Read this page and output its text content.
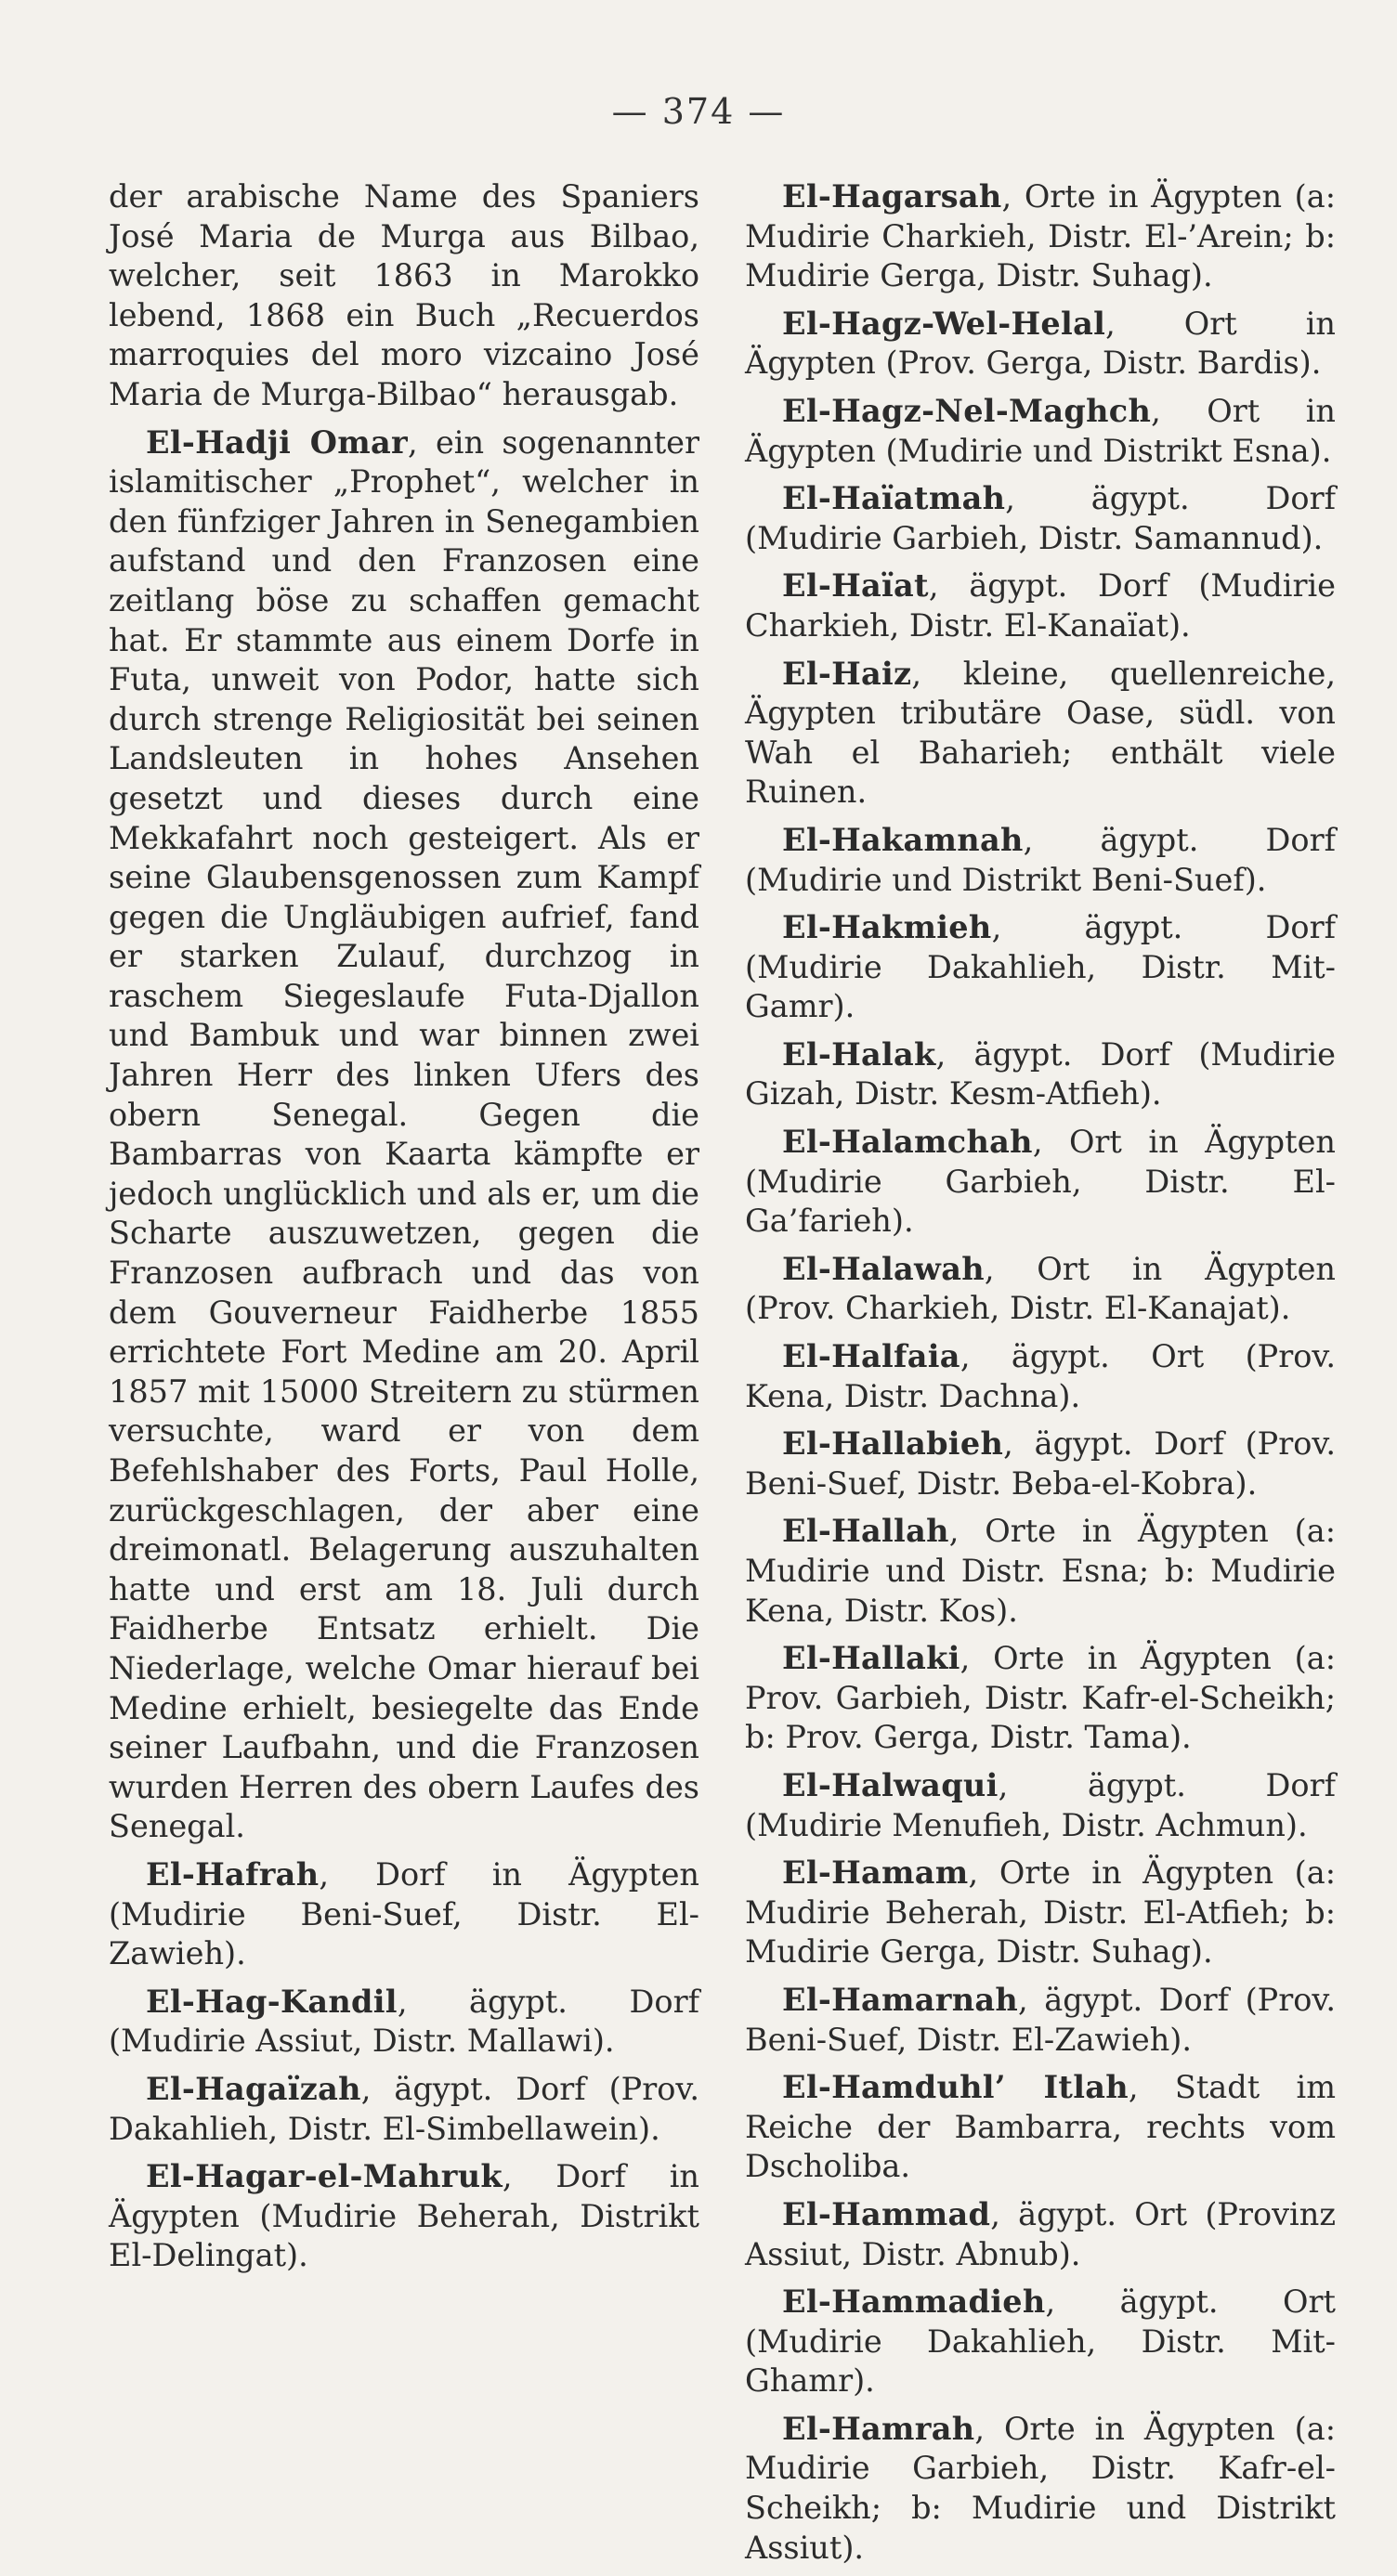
— 374 —

der arabische Name des Spaniers José Maria de Murga aus Bilbao, welcher, seit 1863 in Marokko lebend, 1868 ein Buch „Recuerdos marroquies del moro vizcaino José Maria de Murga-Bilbao“ herausgab.

El-Hadji Omar, ein sogenannter islamitischer „Prophet“, welcher in den fünfziger Jahren in Senegambien aufstand und den Franzosen eine zeitlang böse zu schaffen gemacht hat. Er stammte aus einem Dorfe in Futa, unweit von Podor, hatte sich durch strenge Religiosität bei seinen Landsleuten in hohes Ansehen gesetzt und dieses durch eine Mekkafahrt noch gesteigert. Als er seine Glaubensgenossen zum Kampf gegen die Ungläubigen aufrief, fand er starken Zulauf, durchzog in raschem Siegeslaufe Futa-Djallon und Bambuk und war binnen zwei Jahren Herr des linken Ufers des obern Senegal. Gegen die Bambarras von Kaarta kämpfte er jedoch unglücklich und als er, um die Scharte auszuwetzen, gegen die Franzosen aufbrach und das von dem Gouverneur Faidherbe 1855 errichtete Fort Medine am 20. April 1857 mit 15000 Streitern zu stürmen versuchte, ward er von dem Befehlshaber des Forts, Paul Holle, zurückgeschlagen, der aber eine dreimonatl. Belagerung auszuhalten hatte und erst am 18. Juli durch Faidherbe Entsatz erhielt. Die Niederlage, welche Omar hierauf bei Medine erhielt, besiegelte das Ende seiner Laufbahn, und die Franzosen wurden Herren des obern Laufes des Senegal.

El-Hafrah, Dorf in Ägypten (Mudirie Beni-Suef, Distr. El-Zawieh).

El-Hag-Kandil, ägypt. Dorf (Mudirie Assiut, Distr. Mallawi).

El-Hagaïzah, ägypt. Dorf (Prov. Dakahlieh, Distr. El-Simbellawein).

El-Hagar-el-Mahruk, Dorf in Ägypten (Mudirie Beherah, Distrikt El-Delingat).

El-Hagarsah, Orte in Ägypten (a: Mudirie Charkieh, Distr. El-’Arein; b: Mudirie Gerga, Distr. Suhag).

El-Hagz-Wel-Helal, Ort in Ägypten (Prov. Gerga, Distr. Bardis).

El-Hagz-Nel-Maghch, Ort in Ägypten (Mudirie und Distrikt Esna).

El-Haïatmah, ägypt. Dorf (Mudirie Garbieh, Distr. Samannud).

El-Haïat, ägypt. Dorf (Mudirie Charkieh, Distr. El-Kanaïat).

El-Haiz, kleine, quellenreiche, Ägypten tributäre Oase, südl. von Wah el Baharieh; enthält viele Ruinen.

El-Hakamnah, ägypt. Dorf (Mudirie und Distrikt Beni-Suef).

El-Hakmieh, ägypt. Dorf (Mudirie Dakahlieh, Distr. Mit-Gamr).

El-Halak, ägypt. Dorf (Mudirie Gizah, Distr. Kesm-Atfieh).

El-Halamchah, Ort in Ägypten (Mudirie Garbieh, Distr. El-Ga’farieh).

El-Halawah, Ort in Ägypten (Prov. Charkieh, Distr. El-Kanajat).

El-Halfaia, ägypt. Ort (Prov. Kena, Distr. Dachna).

El-Hallabieh, ägypt. Dorf (Prov. Beni-Suef, Distr. Beba-el-Kobra).

El-Hallah, Orte in Ägypten (a: Mudirie und Distr. Esna; b: Mudirie Kena, Distr. Kos).

El-Hallaki, Orte in Ägypten (a: Prov. Garbieh, Distr. Kafr-el-Scheikh; b: Prov. Gerga, Distr. Tama).

El-Halwaqui, ägypt. Dorf (Mudirie Menufieh, Distr. Achmun).

El-Hamam, Orte in Ägypten (a: Mudirie Beherah, Distr. El-Atfieh; b: Mudirie Gerga, Distr. Suhag).

El-Hamarnah, ägypt. Dorf (Prov. Beni-Suef, Distr. El-Zawieh).

El-Hamduhl’ Itlah, Stadt im Reiche der Bambarra, rechts vom Dscholiba.

El-Hammad, ägypt. Ort (Provinz Assiut, Distr. Abnub).

El-Hammadieh, ägypt. Ort (Mudirie Dakahlieh, Distr. Mit-Ghamr).

El-Hamrah, Orte in Ägypten (a: Mudirie Garbieh, Distr. Kafr-el-Scheikh; b: Mudirie und Distrikt Assiut).
